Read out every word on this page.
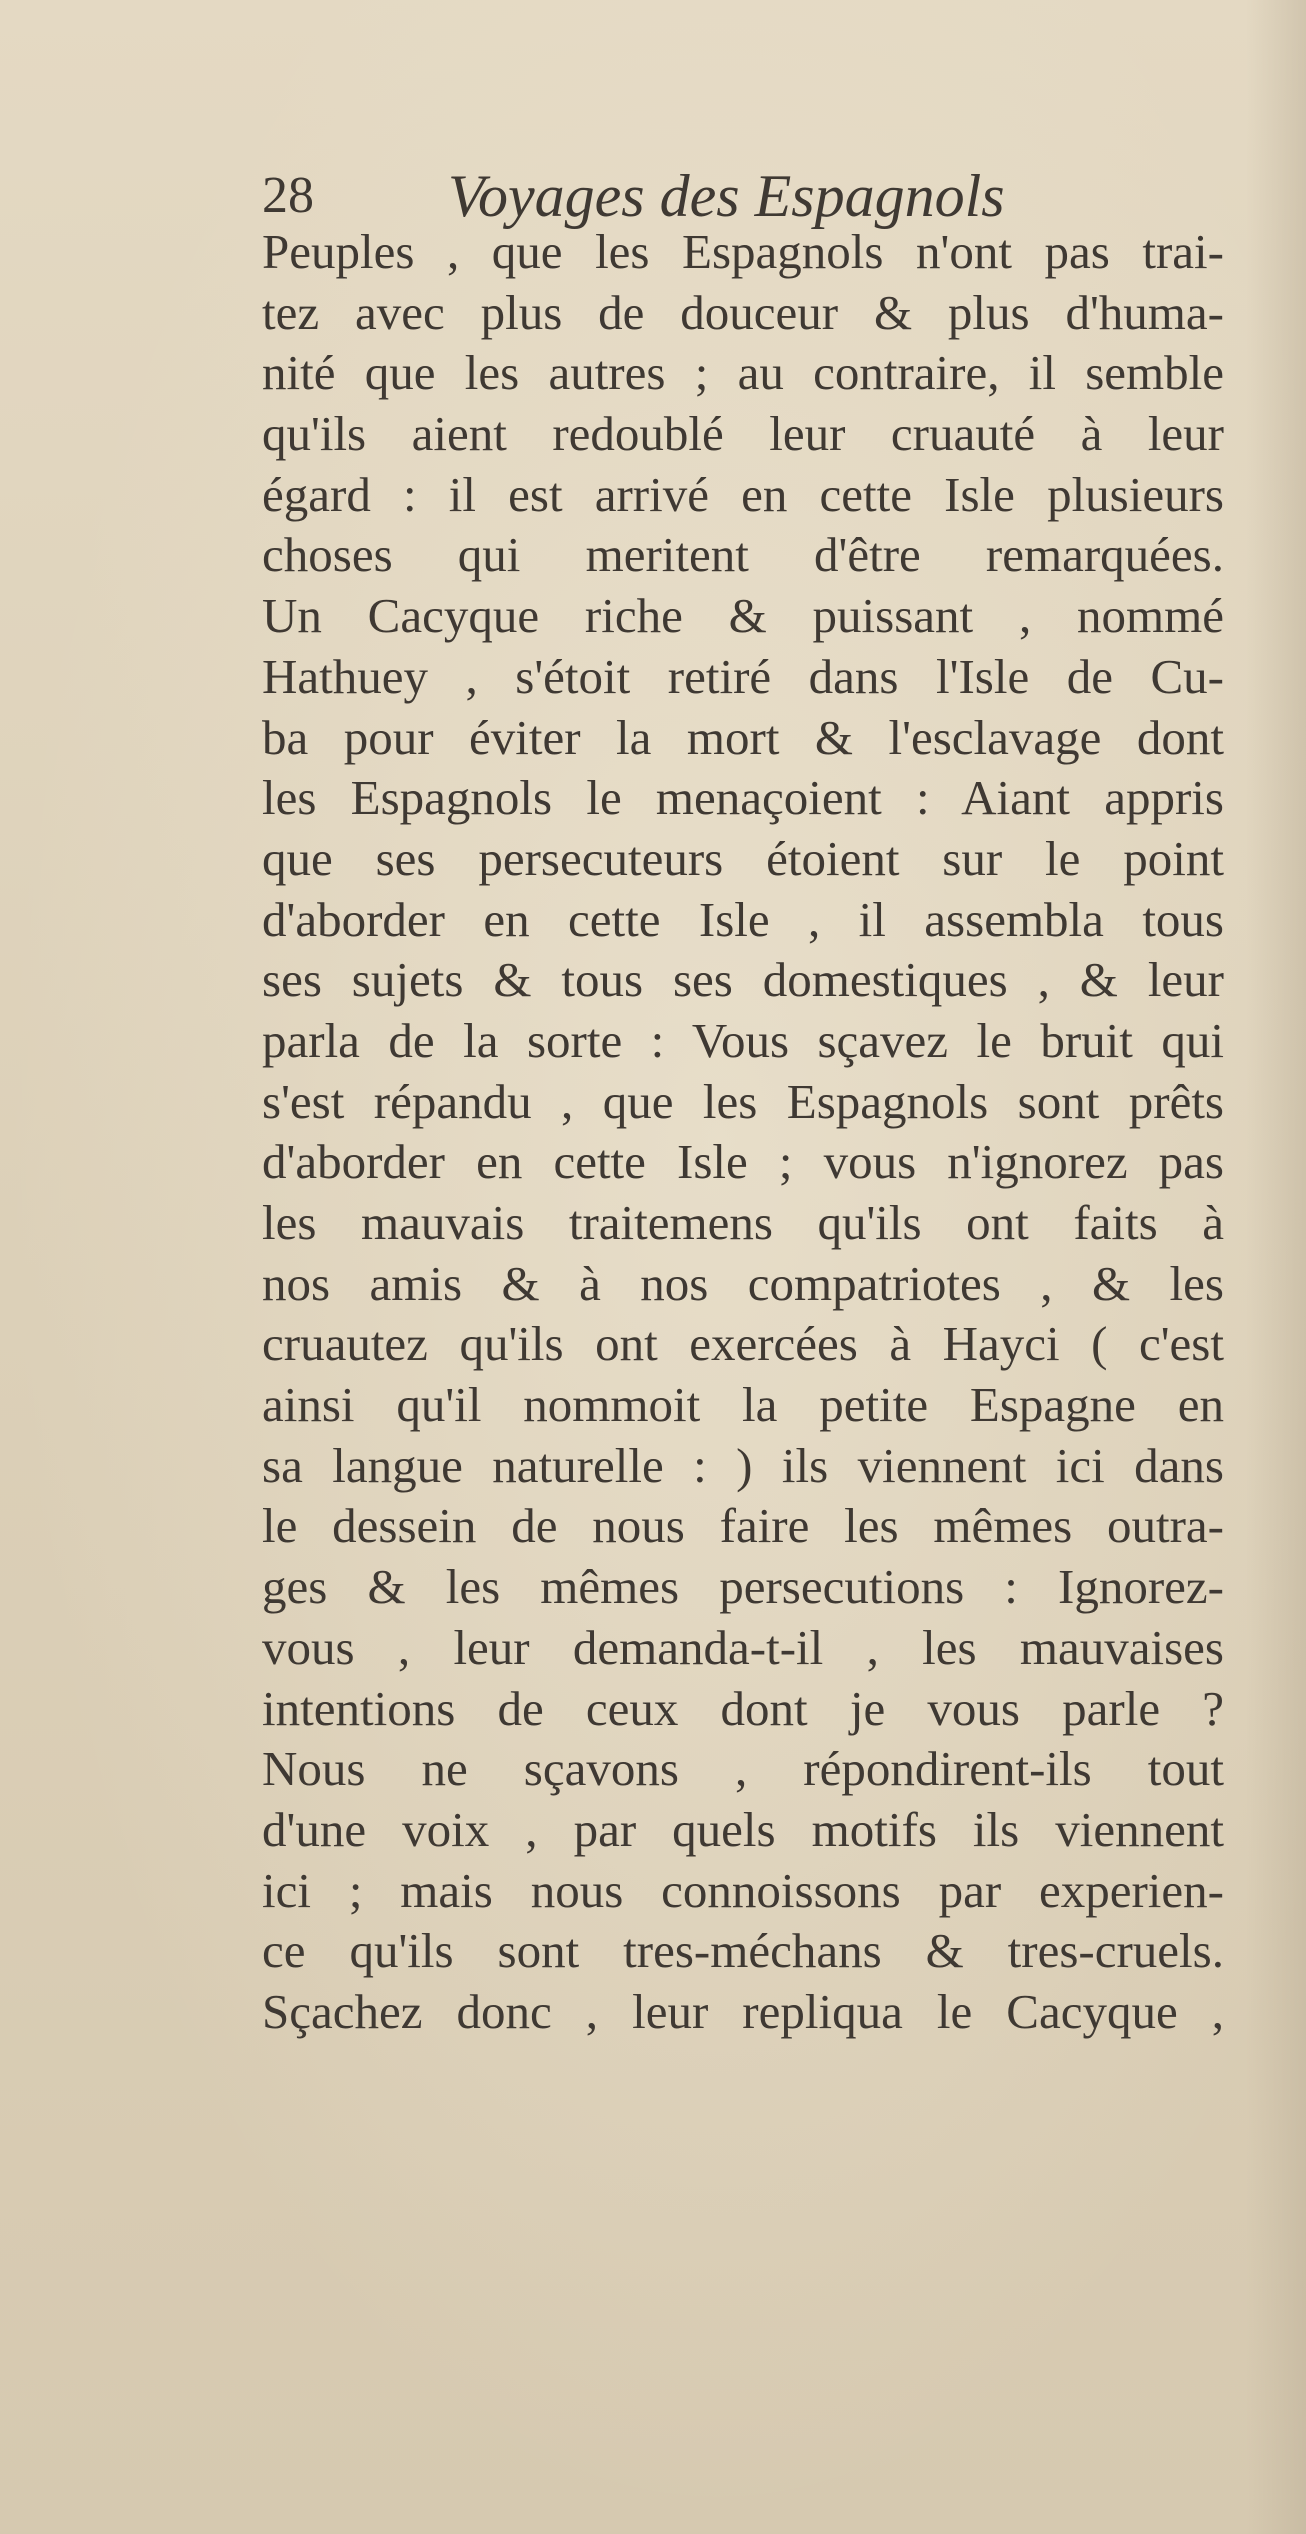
28 Voyages des Espagnols
Peuples , que les Espagnols n'ont pas trai-
tez avec plus de douceur & plus d'huma-
nité que les autres ; au contraire, il semble
qu'ils aient redoublé leur cruauté à leur
égard : il est arrivé en cette Isle plusieurs
choses qui meritent d'être remarquées.
Un Cacyque riche & puissant , nommé
Hathuey , s'étoit retiré dans l'Isle de Cu-
ba pour éviter la mort & l'esclavage dont
les Espagnols le menaçoient : Aiant appris
que ses persecuteurs étoient sur le point
d'aborder en cette Isle , il assembla tous
ses sujets & tous ses domestiques , & leur
parla de la sorte : Vous sçavez le bruit qui
s'est répandu , que les Espagnols sont prêts
d'aborder en cette Isle ; vous n'ignorez pas
les mauvais traitemens qu'ils ont faits à
nos amis & à nos compatriotes , & les
cruautez qu'ils ont exercées à Hayci ( c'est
ainsi qu'il nommoit la petite Espagne en
sa langue naturelle : ) ils viennent ici dans
le dessein de nous faire les mêmes outra-
ges & les mêmes persecutions : Ignorez-
vous , leur demanda-t-il , les mauvaises
intentions de ceux dont je vous parle ?
Nous ne sçavons , répondirent-ils tout
d'une voix , par quels motifs ils viennent
ici ; mais nous connoissons par experien-
ce qu'ils sont tres-méchans & tres-cruels.
Sçachez donc , leur repliqua le Cacyque ,
